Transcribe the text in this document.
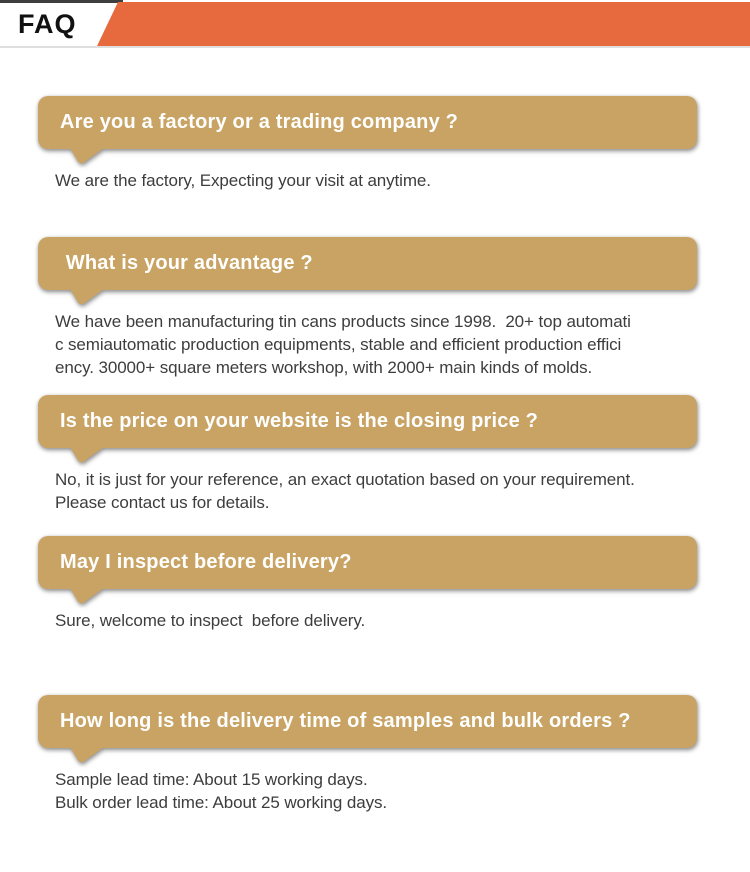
FAQ
Are you a factory or a trading company ?
We are the factory, Expecting your visit at anytime.
What is your advantage ?
We have been manufacturing tin cans products since 1998.  20+ top automati
c semiautomatic production equipments, stable and efficient production effici
ency. 30000+ square meters workshop, with 2000+ main kinds of molds.
Is the price on your website is the closing price ?
No, it is just for your reference, an exact quotation based on your requirement.
Please contact us for details.
May I inspect before delivery?
Sure, welcome to inspect  before delivery.
How long is the delivery time of samples and bulk orders ?
Sample lead time: About 15 working days.
Bulk order lead time: About 25 working days.
